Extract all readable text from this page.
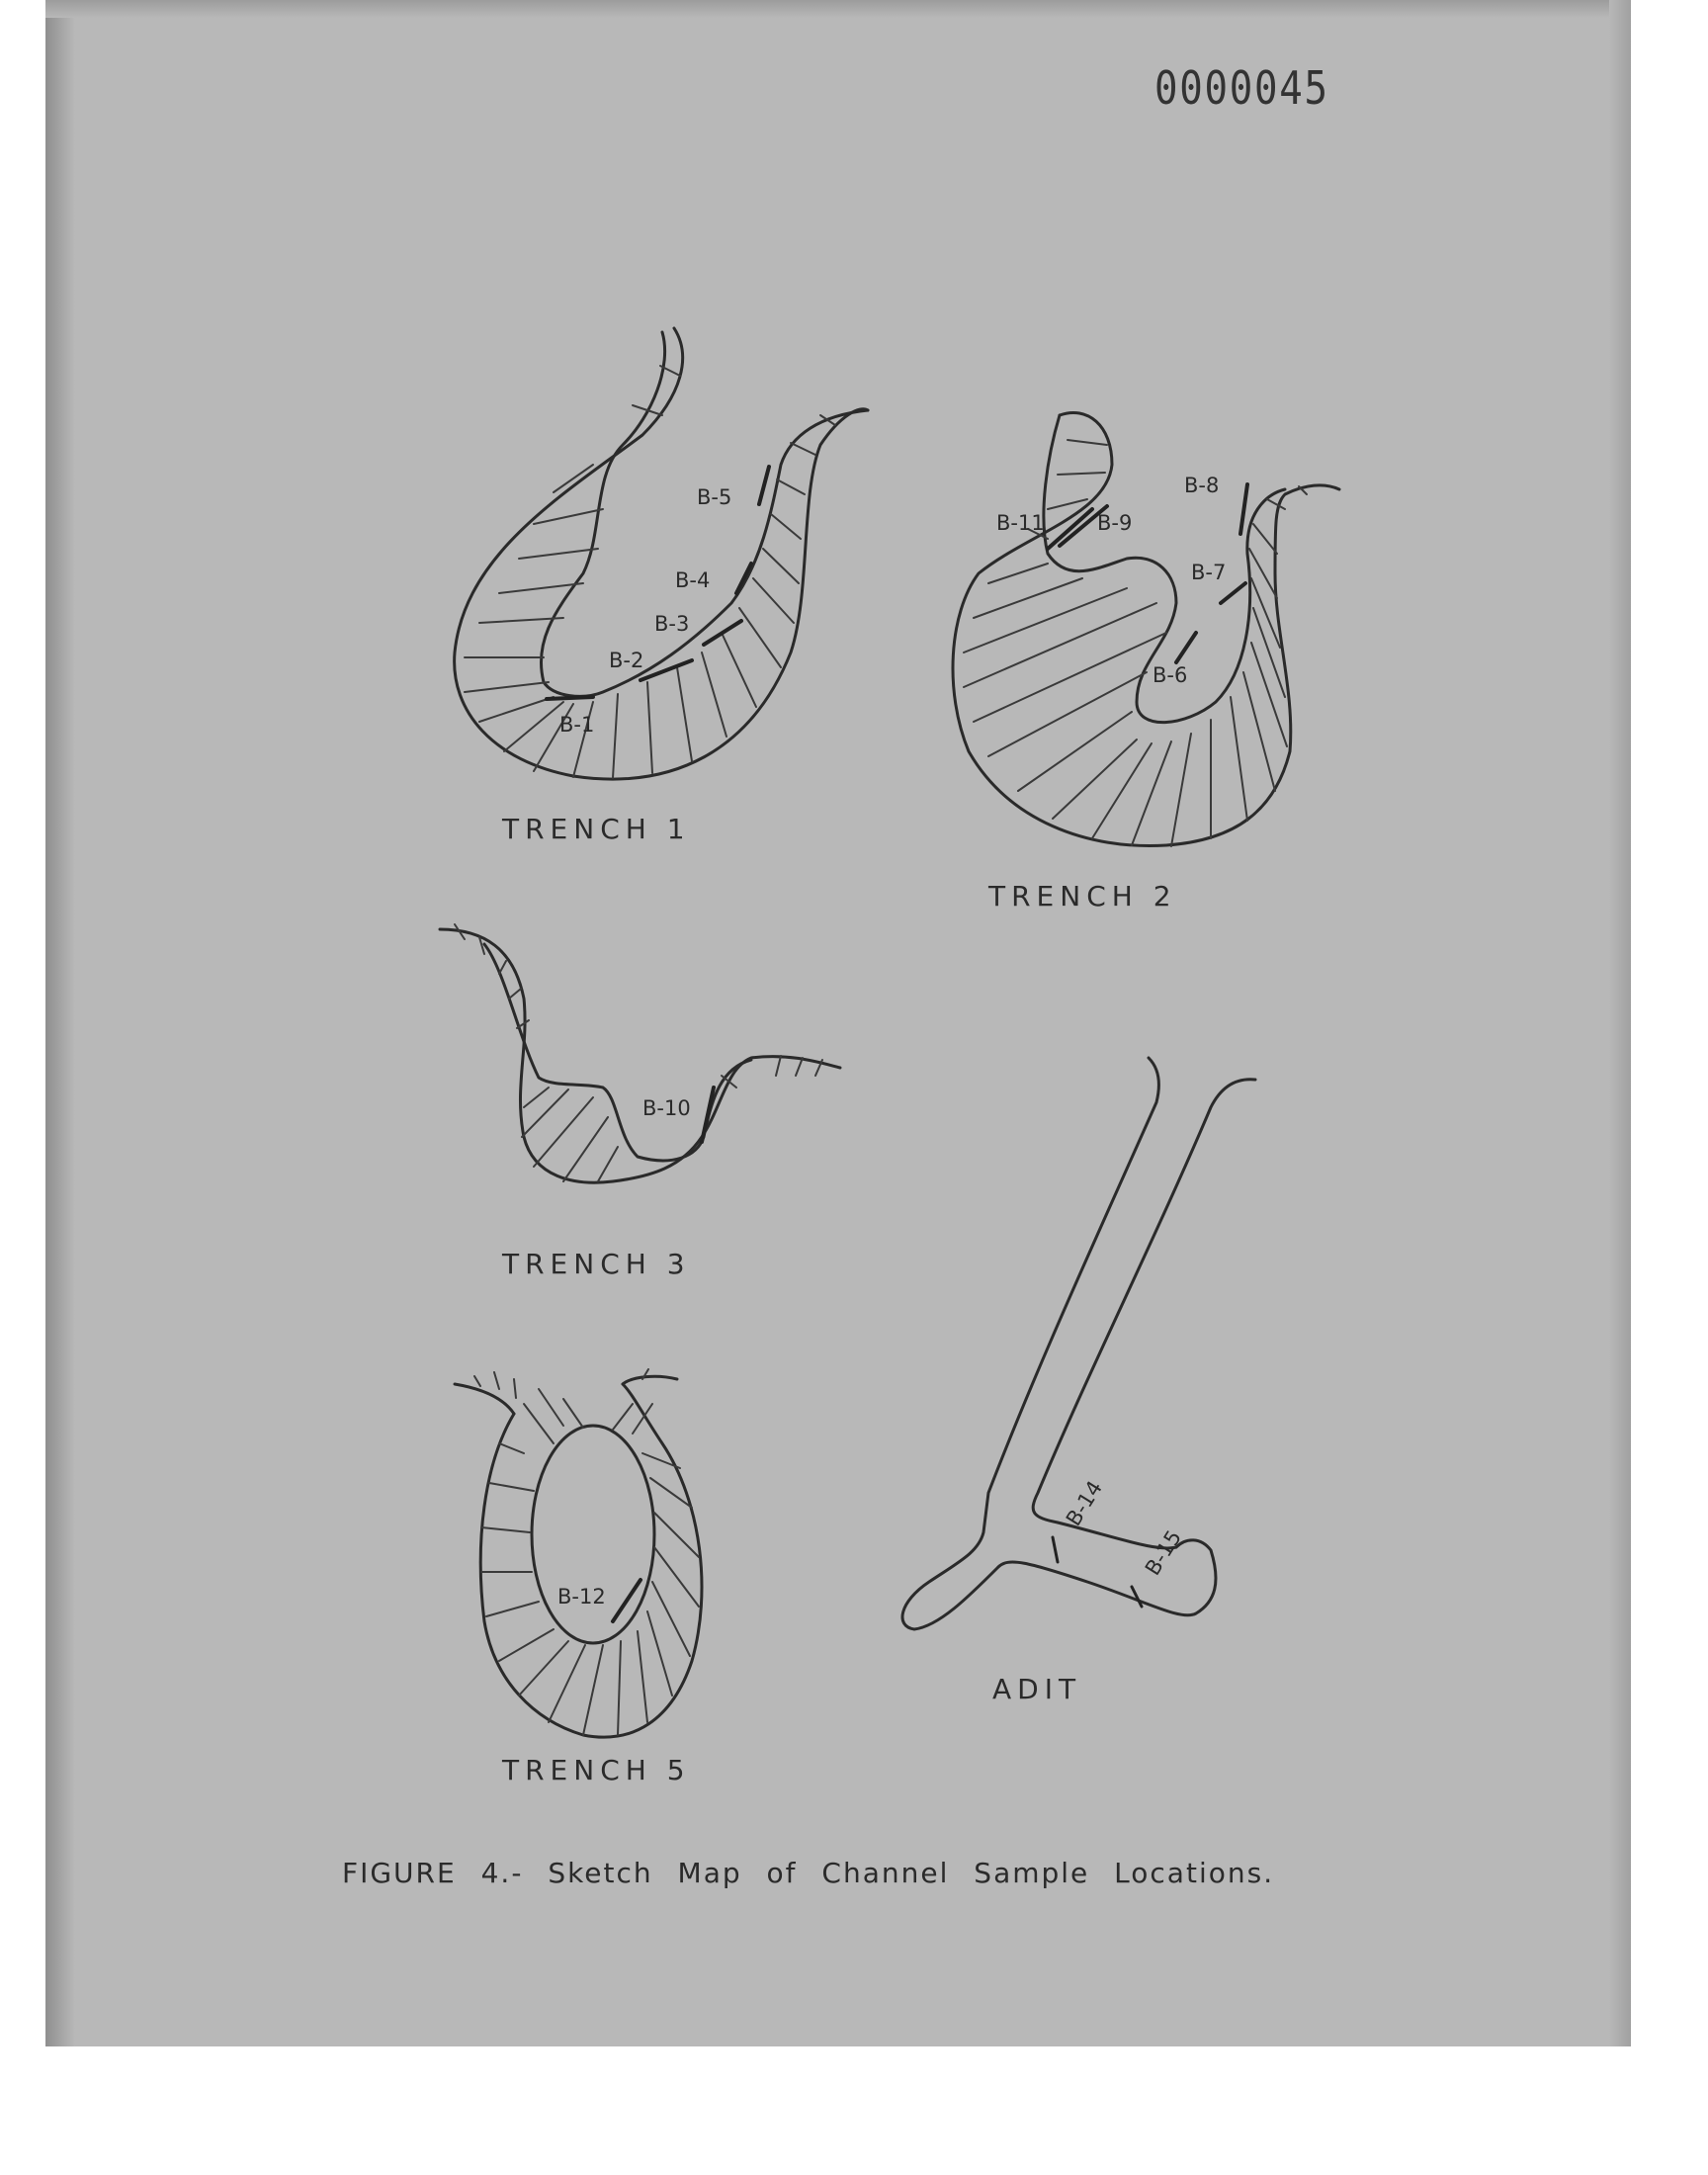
0000045
B-1
B-2
B-3
B-4
B-5
TRENCH 1
B-11	B-9
B-8
B-7
B-6
TRENCH 2
B-10
TRENCH 3
B-12
TRENCH 5
B-14
B-15
ADIT
FIGURE 4.- Sketch Map of Channel Sample Locations.
